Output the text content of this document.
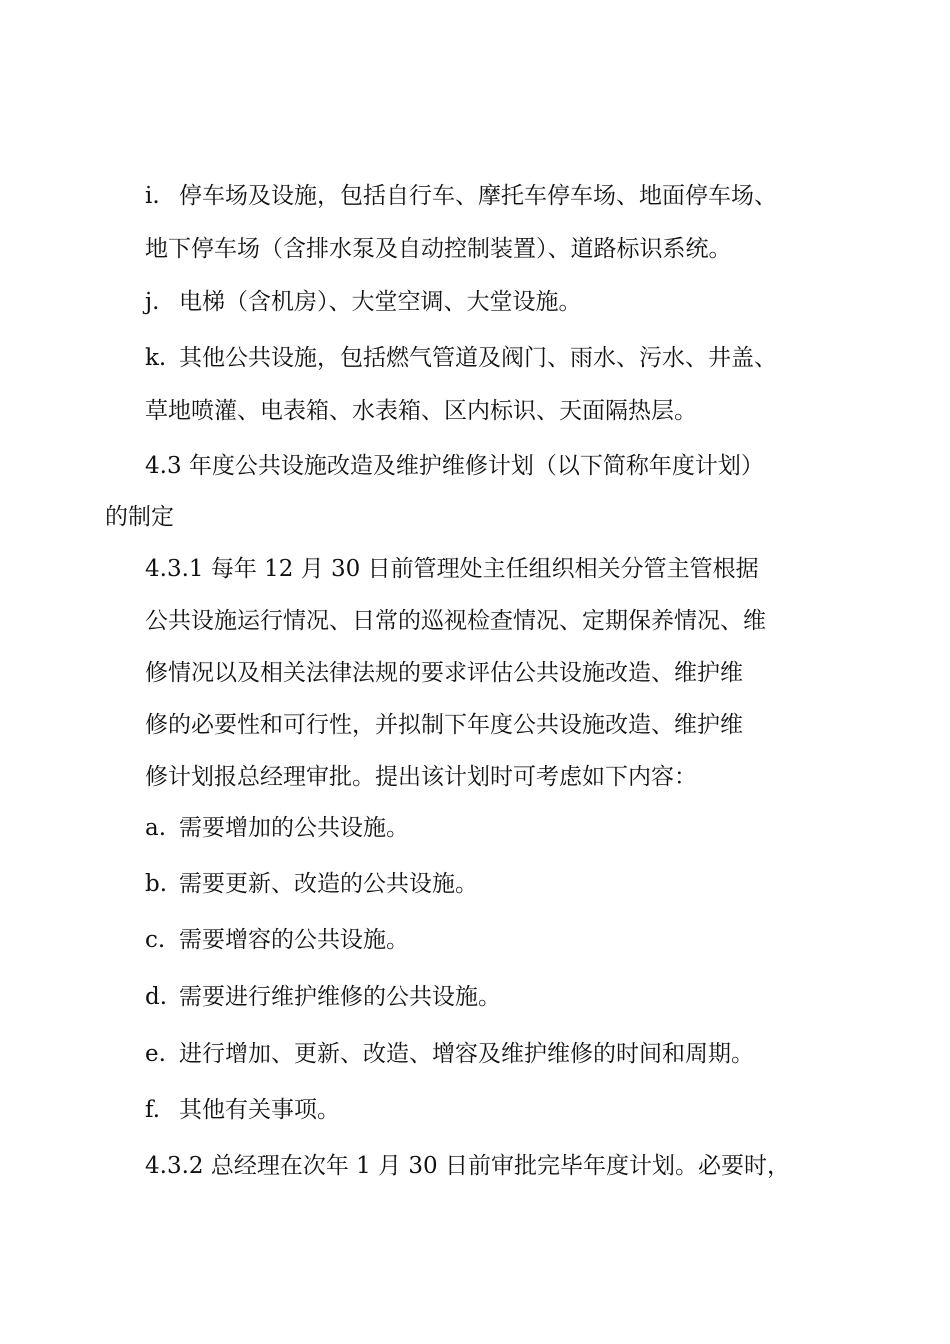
i. 停车场及设施，包括自行车、摩托车停车场、地面停车场、
地下停车场（含排水泵及自动控制装置）、道路标识系统。
j. 电梯（含机房）、大堂空调、大堂设施。
k. 其他公共设施，包括燃气管道及阀门、雨水、污水、井盖、
草地喷灌、电表箱、水表箱、区内标识、天面隔热层。
4.3 年度公共设施改造及维护维修计划（以下简称年度计划）
的制定
4.3.1 每年 12 月 30 日前管理处主任组织相关分管主管根据
公共设施运行情况、日常的巡视检查情况、定期保养情况、维
修情况以及相关法律法规的要求评估公共设施改造、维护维
修的必要性和可行性，并拟制下年度公共设施改造、维护维
修计划报总经理审批。提出该计划时可考虑如下内容：
a. 需要增加的公共设施。
b. 需要更新、改造的公共设施。
c. 需要增容的公共设施。
d. 需要进行维护维修的公共设施。
e. 进行增加、更新、改造、增容及维护维修的时间和周期。
f. 其他有关事项。
4.3.2 总经理在次年 1 月 30 日前审批完毕年度计划。必要时，
